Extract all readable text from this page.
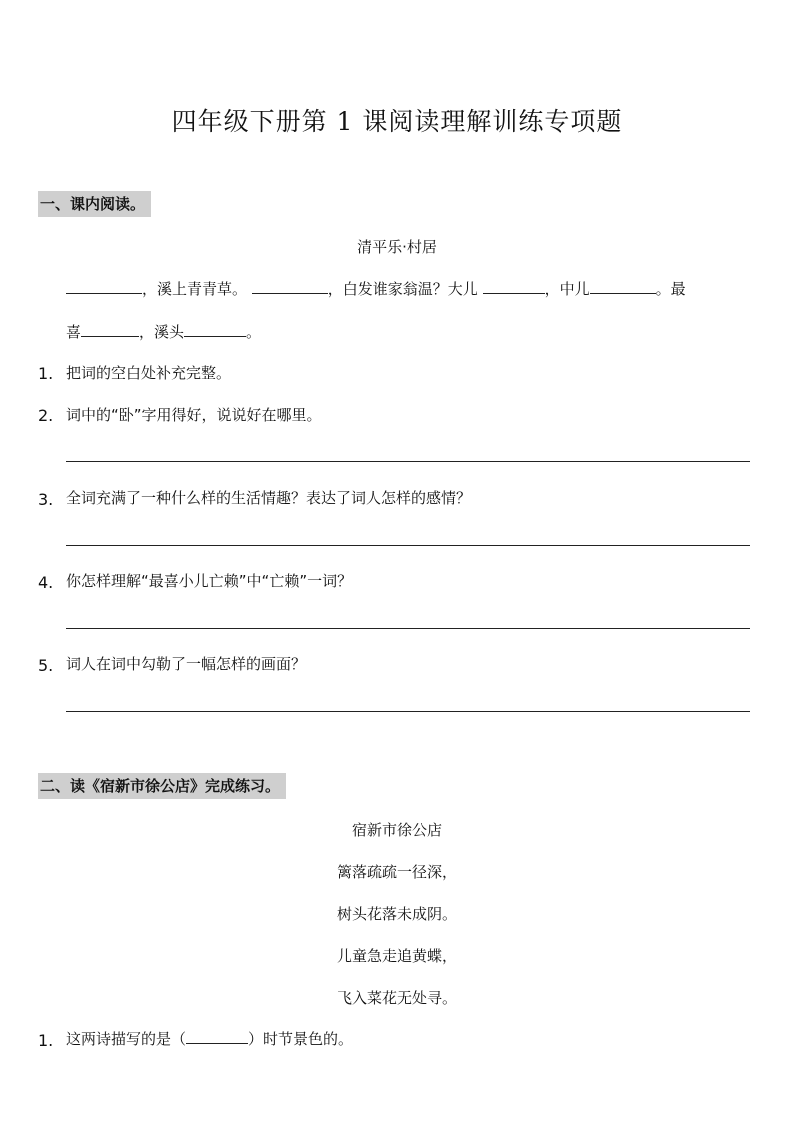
四年级下册第 1 课阅读理解训练专项题
一、课内阅读。
清平乐·村居
，溪上青青草。	，白发谁家翁温？大儿	，中儿	。最
喜	，溪头	。
1. 把词的空白处补充完整。
2. 词中的“卧”字用得好，说说好在哪里。
3. 全词充满了一种什么样的生活情趣？表达了词人怎样的感情？
4. 你怎样理解“最喜小儿亡赖”中“亡赖”一词？
5. 词人在词中勾勒了一幅怎样的画面？
二、读《宿新市徐公店》完成练习。
宿新市徐公店
篱落疏疏一径深，
树头花落未成阴。
儿童急走追黄蝶，
飞入菜花无处寻。
1. 这两诗描写的是（	）时节景色的。
